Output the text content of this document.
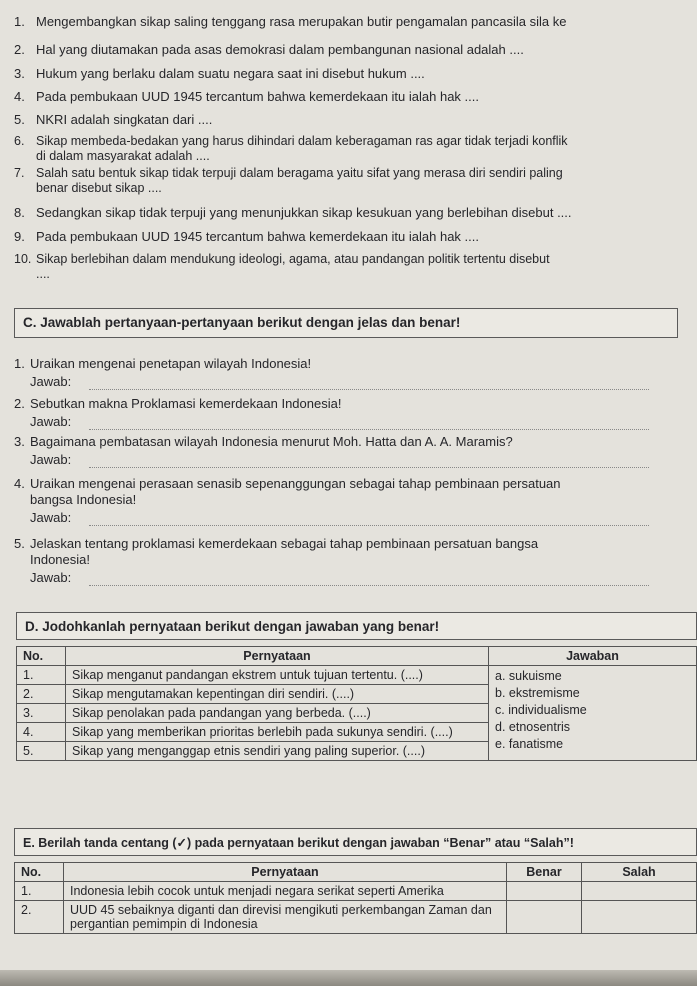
1. Mengembangkan sikap saling tenggang rasa merupakan butir pengamalan pancasila sila ke
2. Hal yang diutamakan pada asas demokrasi dalam pembangunan nasional adalah ....
3. Hukum yang berlaku dalam suatu negara saat ini disebut hukum ....
4. Pada pembukaan UUD 1945 tercantum bahwa kemerdekaan itu ialah hak ....
5. NKRI adalah singkatan dari ....
6. Sikap membeda-bedakan yang harus dihindari dalam keberagaman ras agar tidak terjadi konflik
di dalam masyarakat adalah ....
7. Salah satu bentuk sikap tidak terpuji dalam beragama yaitu sifat yang merasa diri sendiri paling
benar disebut sikap ....
8. Sedangkan sikap tidak terpuji yang menunjukkan sikap kesukuan yang berlebihan disebut ....
9. Pada pembukaan UUD 1945 tercantum bahwa kemerdekaan itu ialah hak ....
10. Sikap berlebihan dalam mendukung ideologi, agama, atau pandangan politik tertentu disebut
....
C. Jawablah pertanyaan-pertanyaan berikut dengan jelas dan benar!
1. Uraikan mengenai penetapan wilayah Indonesia!
Jawab:
2. Sebutkan makna Proklamasi kemerdekaan Indonesia!
Jawab:
3. Bagaimana pembatasan wilayah Indonesia menurut Moh. Hatta dan A. A. Maramis?
Jawab:
4. Uraikan mengenai perasaan senasib sepenanggungan sebagai tahap pembinaan persatuan
bangsa Indonesia!
Jawab:
5. Jelaskan tentang proklamasi kemerdekaan sebagai tahap pembinaan persatuan bangsa
Indonesia!
Jawab:
D. Jodohkanlah pernyataan berikut dengan jawaban yang benar!
No.	Pernyataan	Jawaban
1.	Sikap menganut pandangan ekstrem untuk tujuan tertentu. (....)	a. sukuisme
b. ekstremisme
c. individualisme
d. etnosentris
e. fanatisme

2.	Sikap mengutamakan kepentingan diri sendiri. (....)	
3.	Sikap penolakan pada pandangan yang berbeda. (....)	
4.	Sikap yang memberikan prioritas berlebih pada sukunya sendiri. (....)	
5.	Sikap yang menganggap etnis sendiri yang paling superior. (....)	
E. Berilah tanda centang (✓) pada pernyataan berikut dengan jawaban “Benar” atau “Salah”!
No.	Pernyataan	Benar	Salah
1.	Indonesia lebih cocok untuk menjadi negara serikat seperti Amerika		
2.	UUD 45 sebaiknya diganti dan direvisi mengikuti perkembangan Zaman dan pergantian pemimpin di Indonesia		
